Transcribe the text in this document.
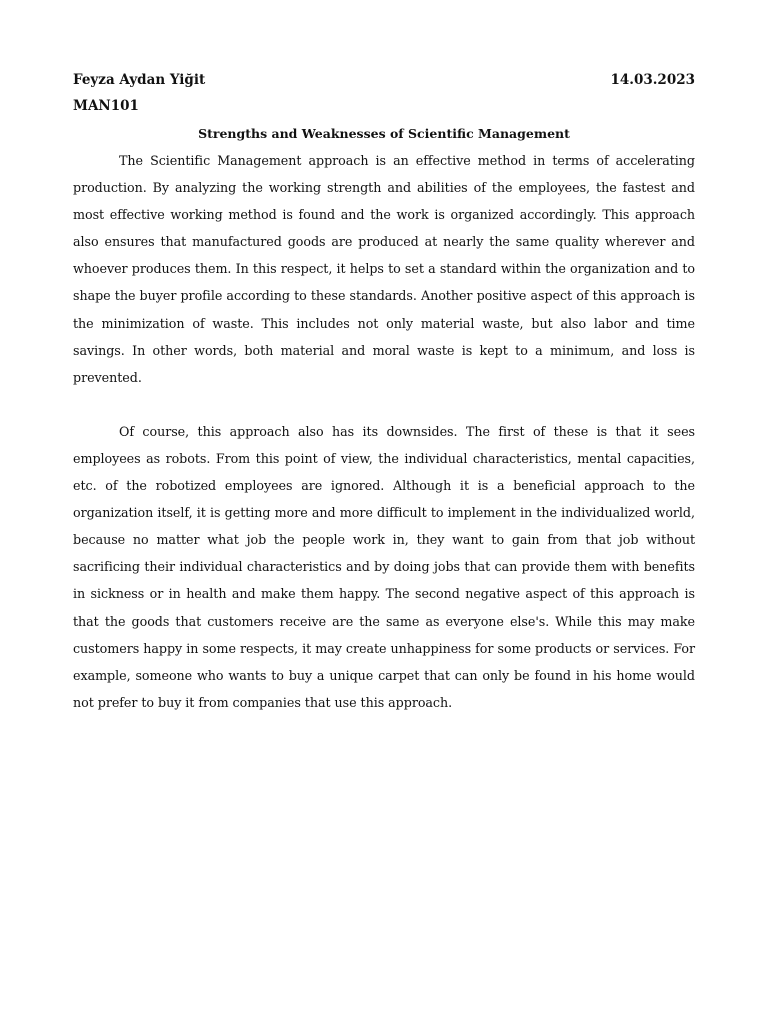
Feyza Aydan Yiğit	14.03.2023
MAN101
Strengths and Weaknesses of Scientific Management

The Scientific Management approach is an effective method in terms of accelerating production. By analyzing the working strength and abilities of the employees, the fastest and most effective working method is found and the work is organized accordingly. This approach also ensures that manufactured goods are produced at nearly the same quality wherever and whoever produces them. In this respect, it helps to set a standard within the organization and to shape the buyer profile according to these standards. Another positive aspect of this approach is the minimization of waste. This includes not only material waste, but also labor and time savings. In other words, both material and moral waste is kept to a minimum, and loss is prevented.

Of course, this approach also has its downsides. The first of these is that it sees employees as robots. From this point of view, the individual characteristics, mental capacities, etc. of the robotized employees are ignored. Although it is a beneficial approach to the organization itself, it is getting more and more difficult to implement in the individualized world, because no matter what job the people work in, they want to gain from that job without sacrificing their individual characteristics and by doing jobs that can provide them with benefits in sickness or in health and make them happy. The second negative aspect of this approach is that the goods that customers receive are the same as everyone else's. While this may make customers happy in some respects, it may create unhappiness for some products or services. For example, someone who wants to buy a unique carpet that can only be found in his home would not prefer to buy it from companies that use this approach.
